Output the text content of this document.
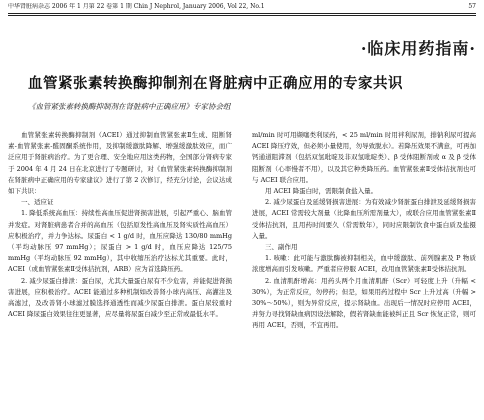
中华肾脏病杂志 2006 年 1 月第 22 卷第 1 期 Chin J Nephrol, January 2006, Vol 22, No.1	57
·临床用药指南·
血管紧张素转换酶抑制剂在肾脏病中正确应用的专家共识
《血管紧张素转换酶抑制剂在肾脏病中正确应用》专家协会组

血管紧张素转换酶抑制剂（ACEI）通过抑制血管紧张素Ⅱ生成、阻断肾素-血管紧张素-醛固酮系统作用，及抑制缓激肽降解、增强缓激肽效应，而广泛应用于肾脏病治疗。为了更合理、安全地应用这类药物，全国部分肾病专家于 2004 年 4 月 24 日在北京进行了专题研讨，对《血管紧张素转换酶抑制剂在肾脏病中正确应用的专家建议》进行了第 2 次修订，经充分讨论，会议达成如下共识：

一、适应证

1. 降低系统高血压：持续性高血压促进肾损害进展，引起严重心、脑血管并发症。对肾脏病患者合并的高血压（包括原发性高血压及肾实质性高血压）应积极治疗，并力争达标。尿蛋白 < 1 g/d 时，血压应降达 130/80 mmHg（平均动脉压 97 mmHg）；尿蛋白 > 1 g/d 时，血压应降达 125/75 mmHg（平均动脉压 92 mmHg），其中收缩压治疗达标尤其重要。此时，ACEI（或血管紧张素Ⅱ受体拮抗剂，ARB）应为首选降压药。

2. 减少尿蛋白排泄：蛋白尿，尤其大量蛋白尿有不少危害，并能促进肾损害进展，应积极治疗。ACEI 能通过多种机制如改善肾小球内高压、高灌注及高滤过，及改善肾小球滤过膜选择通透性而减少尿蛋白排泄。蛋白尿较重时 ACEI 降尿蛋白效果往往更显著，应尽量将尿蛋白减少至正常或最低水平。

ml/min 时可用缬噻类利尿药，< 25 ml/min 时用袢利尿剂，排钠利尿可提高 ACEI 降压疗效，但必须小量使用，勿导致脱水）。若降压效果不满意，可再加钙通道阻滞剂（包括双氢吡啶及非双氢吡啶类）、β 受体阻断剂或 α 及 β 受体阻断剂（心率慢者不用），以及其它种类降压药。血管紧张素Ⅱ受体拮抗剂也可与 ACEI 联合应用。

用 ACEI 降蛋白时，需限制食盐入量。

2. 减少尿蛋白及延缓肾损害进展：为有效减少肾脏蛋白排泄及延缓肾损害进展，ACEI 常需较大剂量（比降血压所需剂量大），或联合应用血管紧张素Ⅱ受体拮抗剂，且用药时间要久（常需数年），同时应限制饮食中蛋白质及盐摄入量。

三、副作用

1. 咳嗽：此可能与激肽酶被抑制相关，血中缓激肽、前列腺素及 P 物质浓度增高而引发咳嗽。严重者应停服 ACEI，改用血管紧张素Ⅱ受体拮抗剂。

2. 血清肌酐增高：用药头两个月血清肌酐（Scr）可轻度上升（升幅 < 30%），为正常反应，勿停药；但是，如果用药过程中 Scr 上升过高（升幅 > 30%～50%），则为异常反应，提示肾缺血。出现后一情况时应停用 ACEI，并努力寻找肾缺血病因设法解除，假若肾缺血能被纠正且 Scr 恢复正常，则可再用 ACEI，否则，不宜再用。
